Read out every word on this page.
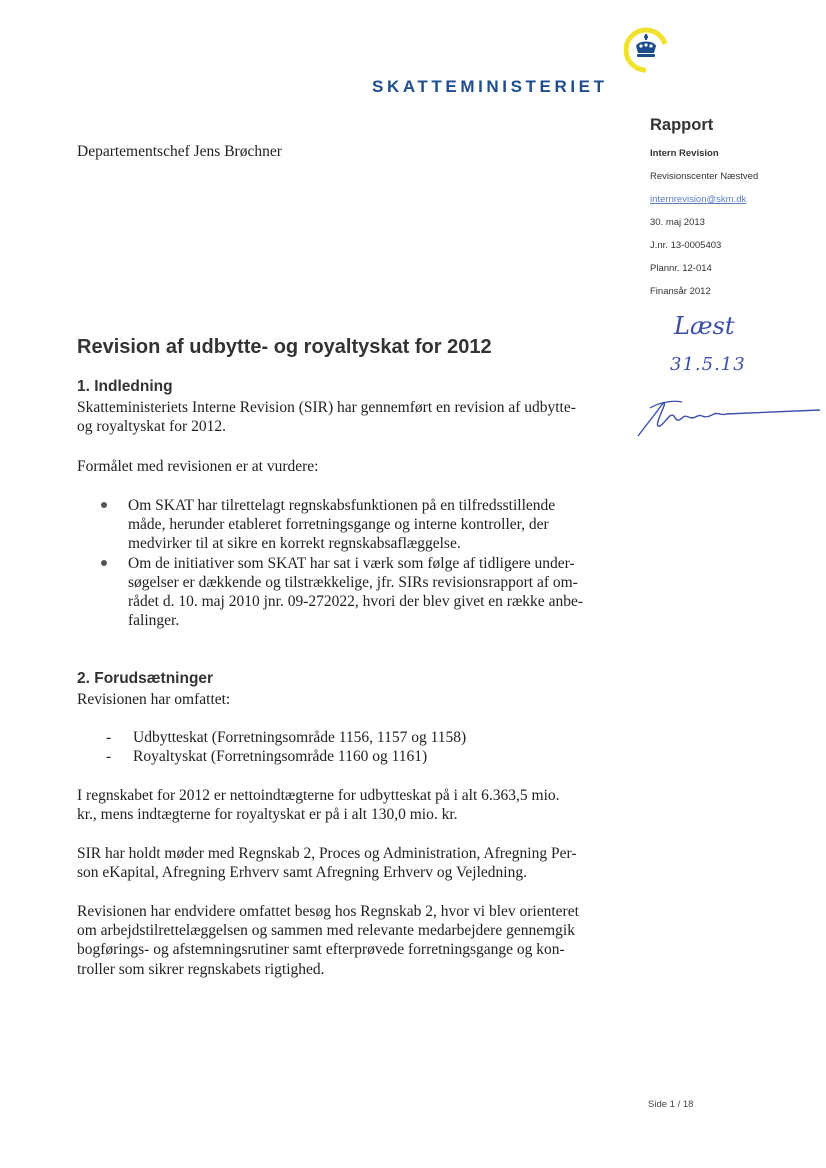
SKATTEMINISTERIET
Departementschef Jens Brøchner
Rapport
Intern Revision
Revisionscenter Næstved
internrevision@skm.dk
30. maj 2013
J.nr. 13-0005403
Plannr. 12-014
Finansår 2012
Læst
31.5.13
Revision af udbytte- og royaltyskat for 2012
1. Indledning
Skatteministeriets Interne Revision (SIR) har gennemført en revision af udbytte-
og royaltyskat for 2012.
Formålet med revisionen er at vurdere:
Om SKAT har tilrettelagt regnskabsfunktionen på en tilfredsstillende
måde, herunder etableret forretningsgange og interne kontroller, der
medvirker til at sikre en korrekt regnskabsaflæggelse.
Om de initiativer som SKAT har sat i værk som følge af tidligere under-
søgelser er dækkende og tilstrækkelige, jfr. SIRs revisionsrapport af om-
rådet d. 10. maj 2010 jnr. 09-272022, hvori der blev givet en række anbe-
falinger.
2. Forudsætninger
Revisionen har omfattet:
- Udbytteskat (Forretningsområde 1156, 1157 og 1158)
- Royaltyskat (Forretningsområde 1160 og 1161)
I regnskabet for 2012 er nettoindtægterne for udbytteskat på i alt 6.363,5 mio.
kr., mens indtægterne for royaltyskat er på i alt 130,0 mio. kr.
SIR har holdt møder med Regnskab 2, Proces og Administration, Afregning Per-
son eKapital, Afregning Erhverv samt Afregning Erhverv og Vejledning.
Revisionen har endvidere omfattet besøg hos Regnskab 2, hvor vi blev orienteret
om arbejdstilrettelæggelsen og sammen med relevante medarbejdere gennemgik
bogførings- og afstemningsrutiner samt efterprøvede forretningsgange og kon-
troller som sikrer regnskabets rigtighed.
Side 1 / 18
